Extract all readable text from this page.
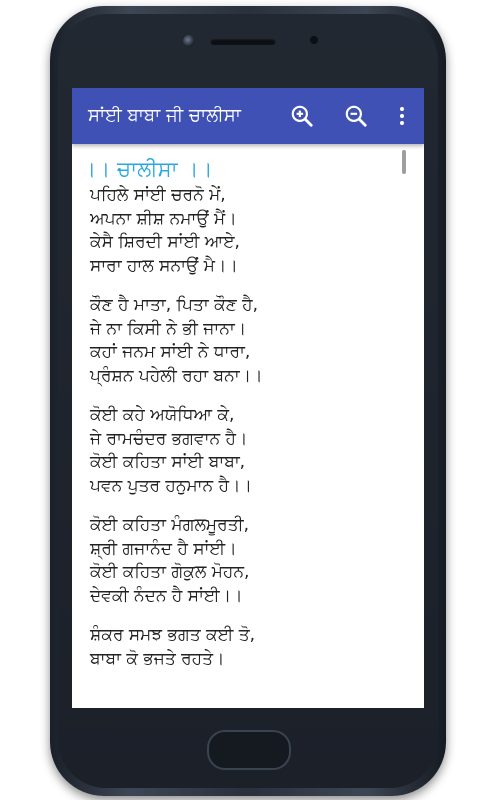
ਸਾਂਈ ਬਾਬਾ ਜੀ ਚਾਲੀਸਾ
।। ਚਾਲੀਸਾ ।।
ਪਹਿਲੇ ਸਾਂਈ ਚਰਨੋ ਮੇਂ,
ਅਪਨਾ ਸ਼ੀਸ਼ ਨਮਾਉਂ ਮੈਂ।
ਕੇਸੈ ਸ਼ਿਰਦੀ ਸਾਂਈ ਆਏ,
ਸਾਰਾ ਹਾਲ ਸਨਾਉਂ ਮੈ।।
ਕੌਣ ਹੈ ਮਾਤਾ, ਪਿਤਾ ਕੌਣ ਹੈ,
ਜੇ ਨਾ ਕਿਸੀ ਨੇ ਭੀ ਜਾਨਾ।
ਕਹਾਂ ਜਨਮ ਸਾਂਈ ਨੇ ਧਾਰਾ,
ਪ੍ਰੰਸ਼ਨ ਪਹੇਲੀ ਰਹਾ ਬਨਾ।।
ਕੋਈ ਕਹੇ ਅਯੋਧਿਆ ਕੇ,
ਜੇ ਰਾਮਚੰਦਰ ਭਗਵਾਨ ਹੈ।
ਕੋਈ ਕਹਿਤਾ ਸਾਂਈ ਬਾਬਾ,
ਪਵਨ ਪੁਤਰ ਹਨੁਮਾਨ ਹੈ।।
ਕੋਈ ਕਹਿਤਾ ਮੰਗਲਮੂਰਤੀ,
ਸ਼੍ਰੀ ਗਜਾਨੰਦ ਹੈ ਸਾਂਈ।
ਕੋਈ ਕਹਿਤਾ ਗੋਕੁਲ ਮੋਹਨ,
ਦੇਵਕੀ ਨੰਦਨ ਹੈ ਸਾਂਈ।।
ਸ਼ੰਕਰ ਸਮਝ ਭਗਤ ਕਈ ਤੋ,
ਬਾਬਾ ਕੋ ਭਜਤੇ ਰਹਤੇ।
